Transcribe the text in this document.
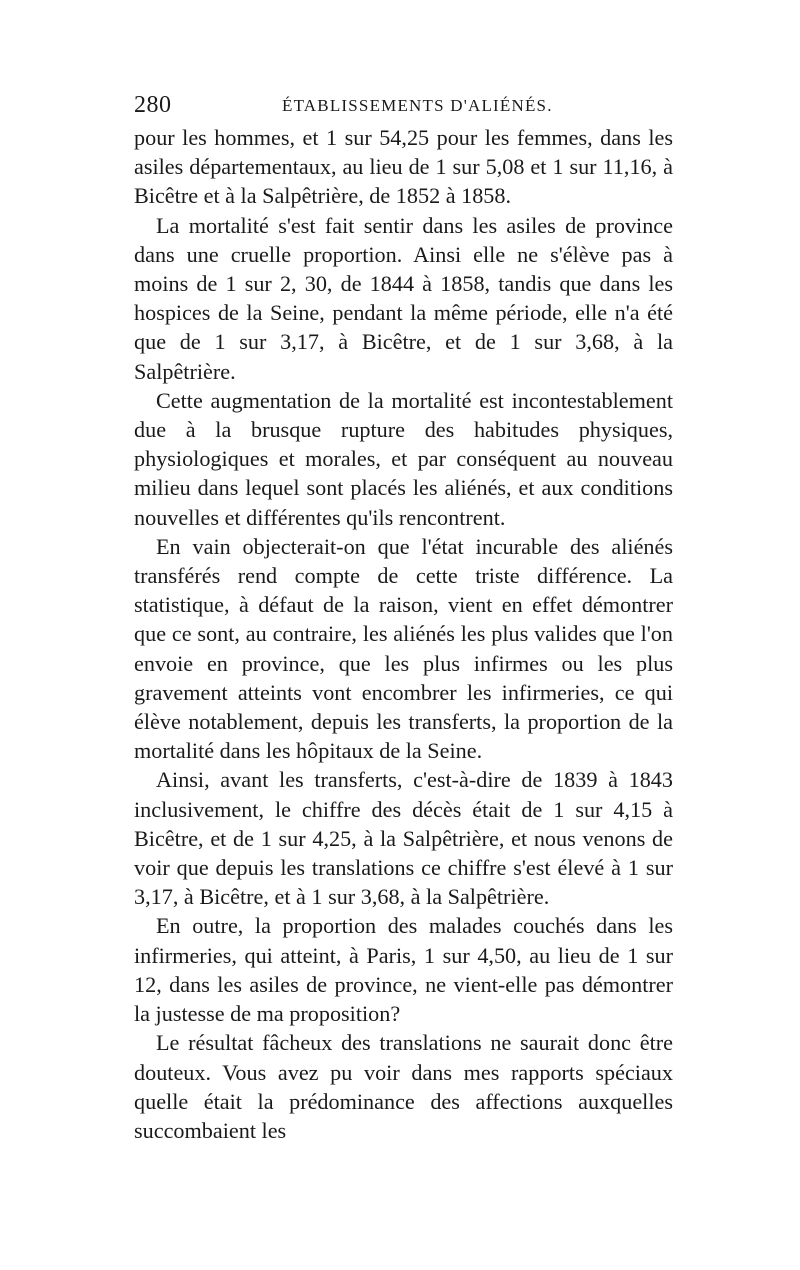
280	ÉTABLISSEMENTS D'ALIÉNÉS.

pour les hommes, et 1 sur 54,25 pour les femmes, dans les asiles départementaux, au lieu de 1 sur 5,08 et 1 sur 11,16, à Bicêtre et à la Salpêtrière, de 1852 à 1858.

La mortalité s'est fait sentir dans les asiles de province dans une cruelle proportion. Ainsi elle ne s'élève pas à moins de 1 sur 2, 30, de 1844 à 1858, tandis que dans les hospices de la Seine, pendant la même période, elle n'a été que de 1 sur 3,17, à Bicêtre, et de 1 sur 3,68, à la Salpêtrière.

Cette augmentation de la mortalité est incontestablement due à la brusque rupture des habitudes physiques, physiologiques et morales, et par conséquent au nouveau milieu dans lequel sont placés les aliénés, et aux conditions nouvelles et différentes qu'ils rencontrent.

En vain objecterait-on que l'état incurable des aliénés transférés rend compte de cette triste différence. La statistique, à défaut de la raison, vient en effet démontrer que ce sont, au contraire, les aliénés les plus valides que l'on envoie en province, que les plus infirmes ou les plus gravement atteints vont encombrer les infirmeries, ce qui élève notablement, depuis les transferts, la proportion de la mortalité dans les hôpitaux de la Seine.

Ainsi, avant les transferts, c'est-à-dire de 1839 à 1843 inclusivement, le chiffre des décès était de 1 sur 4,15 à Bicêtre, et de 1 sur 4,25, à la Salpêtrière, et nous venons de voir que depuis les translations ce chiffre s'est élevé à 1 sur 3,17, à Bicêtre, et à 1 sur 3,68, à la Salpêtrière.

En outre, la proportion des malades couchés dans les infirmeries, qui atteint, à Paris, 1 sur 4,50, au lieu de 1 sur 12, dans les asiles de province, ne vient-elle pas démontrer la justesse de ma proposition?

Le résultat fâcheux des translations ne saurait donc être douteux. Vous avez pu voir dans mes rapports spéciaux quelle était la prédominance des affections auxquelles succombaient les
